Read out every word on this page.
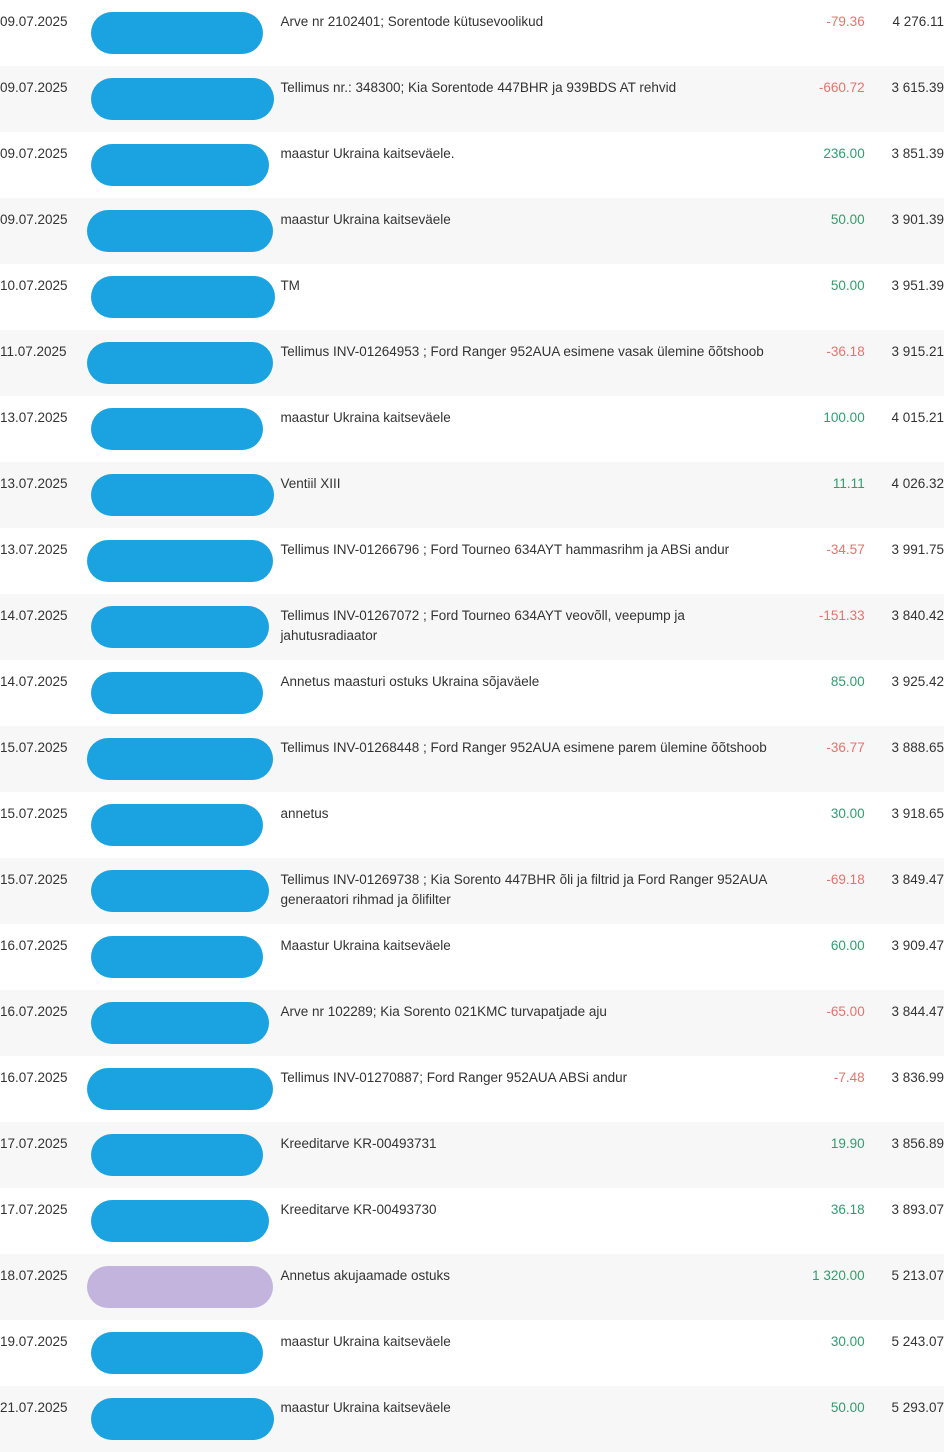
09.07.2025		Arve nr 2102401; Sorentode kütusevoolikud	-79.36	4 276.11
09.07.2025		Tellimus nr.: 348300; Kia Sorentode 447BHR ja 939BDS AT rehvid	-660.72	3 615.39
09.07.2025		maastur Ukraina kaitseväele.	236.00	3 851.39
09.07.2025		maastur Ukraina kaitseväele	50.00	3 901.39
10.07.2025		TM	50.00	3 951.39
11.07.2025		Tellimus INV-01264953 ; Ford Ranger 952AUA esimene vasak ülemine õõtshoob	-36.18	3 915.21
13.07.2025		maastur Ukraina kaitseväele	100.00	4 015.21
13.07.2025		Ventiil XIII	11.11	4 026.32
13.07.2025		Tellimus INV-01266796 ; Ford Tourneo 634AYT hammasrihm ja ABSi andur	-34.57	3 991.75
14.07.2025		Tellimus INV-01267072 ; Ford Tourneo 634AYT veovõll, veepump ja jahutusradiaator	-151.33	3 840.42
14.07.2025		Annetus maasturi ostuks Ukraina sõjaväele	85.00	3 925.42
15.07.2025		Tellimus INV-01268448 ; Ford Ranger 952AUA esimene parem ülemine õõtshoob	-36.77	3 888.65
15.07.2025		annetus	30.00	3 918.65
15.07.2025		Tellimus INV-01269738 ; Kia Sorento 447BHR õli ja filtrid ja Ford Ranger 952AUA generaatori rihmad ja õlifilter	-69.18	3 849.47
16.07.2025		Maastur Ukraina kaitseväele	60.00	3 909.47
16.07.2025		Arve nr 102289; Kia Sorento 021KMC turvapatjade aju	-65.00	3 844.47
16.07.2025		Tellimus INV-01270887; Ford Ranger 952AUA ABSi andur	-7.48	3 836.99
17.07.2025		Kreeditarve KR-00493731	19.90	3 856.89
17.07.2025		Kreeditarve KR-00493730	36.18	3 893.07
18.07.2025		Annetus akujaamade ostuks	1 320.00	5 213.07
19.07.2025		maastur Ukraina kaitseväele	30.00	5 243.07
21.07.2025		maastur Ukraina kaitseväele	50.00	5 293.07
